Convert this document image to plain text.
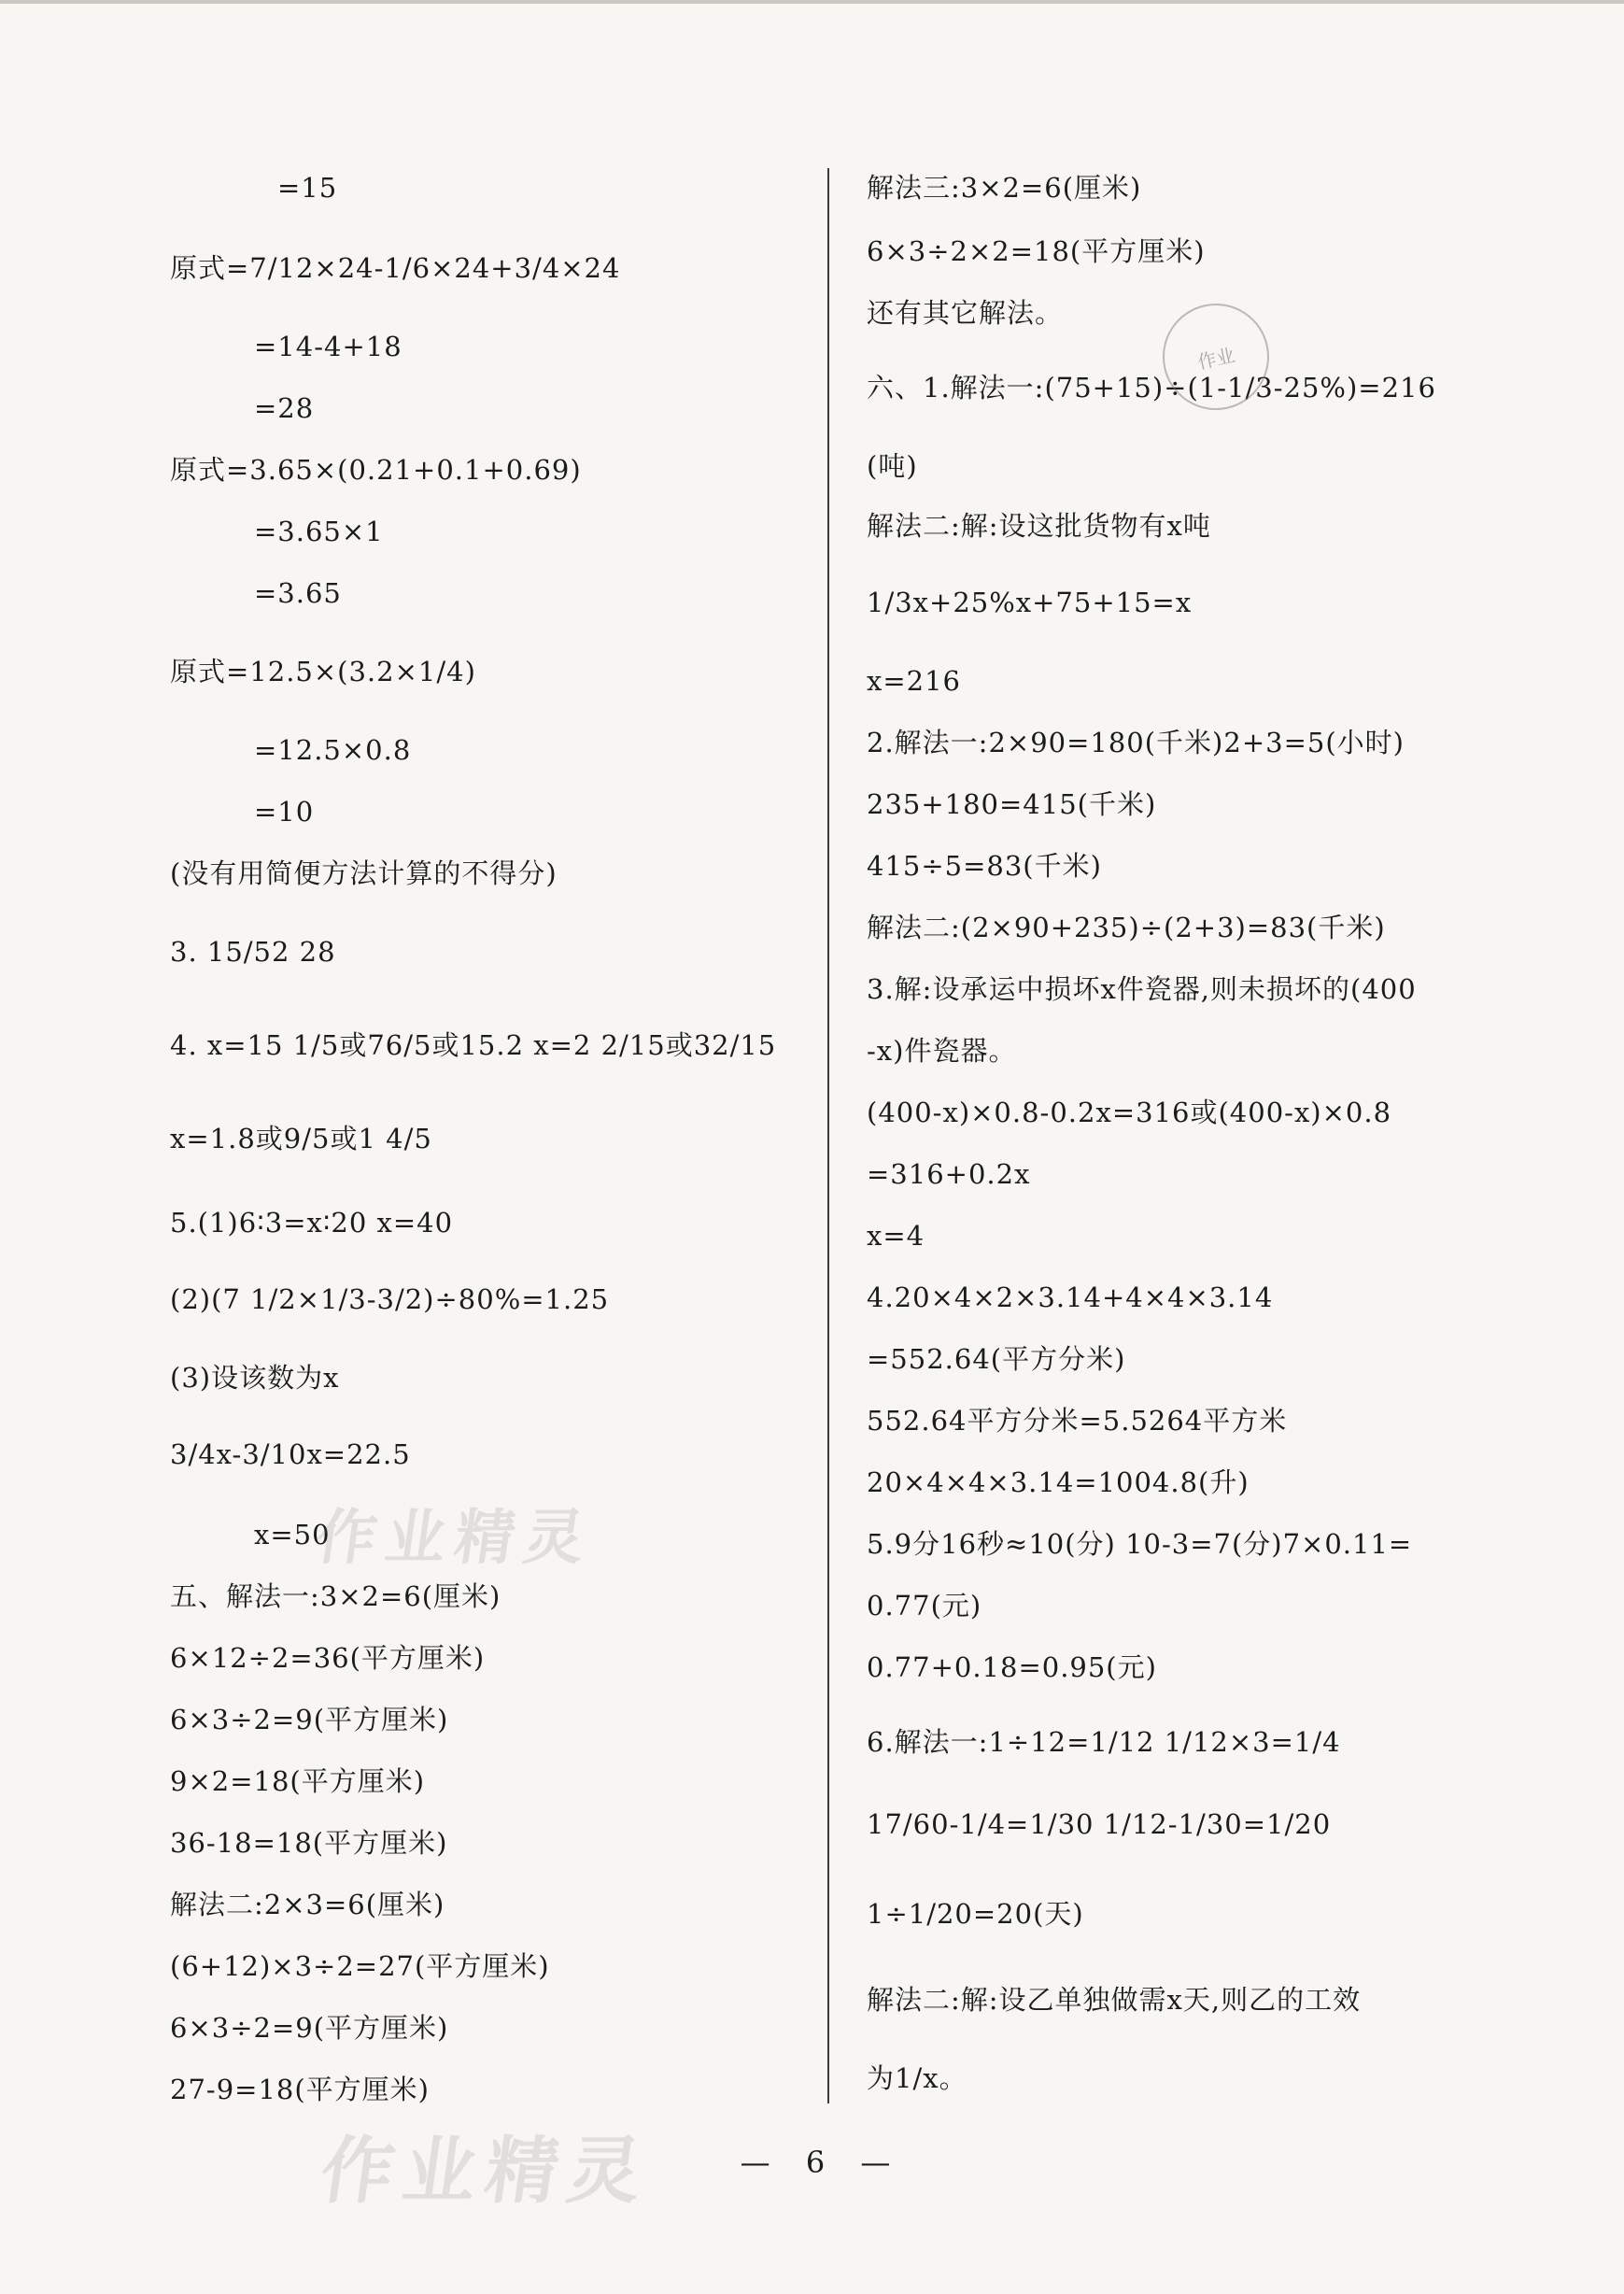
=15
原式=7/12×24-1/6×24+3/4×24
=14-4+18
=28
原式=3.65×(0.21+0.1+0.69)
=3.65×1
=3.65
原式=12.5×(3.2×1/4)
=12.5×0.8
=10
(没有用简便方法计算的不得分)
3. 15/52 28
4. x=15 1/5或76/5或15.2 x=2 2/15或32/15
x=1.8或9/5或1 4/5
5.(1)6∶3=x∶20 x=40
(2)(7 1/2×1/3-3/2)÷80%=1.25
(3)设该数为x
3/4x-3/10x=22.5
x=50
五、解法一:3×2=6(厘米)
6×12÷2=36(平方厘米)
6×3÷2=9(平方厘米)
9×2=18(平方厘米)
36-18=18(平方厘米)
解法二:2×3=6(厘米)
(6+12)×3÷2=27(平方厘米)
6×3÷2=9(平方厘米)
27-9=18(平方厘米)
解法三:3×2=6(厘米)
6×3÷2×2=18(平方厘米)
还有其它解法。
六、1.解法一:(75+15)÷(1-1/3-25%)=216
(吨)
解法二:解:设这批货物有x吨
1/3x+25%x+75+15=x
x=216
2.解法一:2×90=180(千米)2+3=5(小时)
235+180=415(千米)
415÷5=83(千米)
解法二:(2×90+235)÷(2+3)=83(千米)
3.解:设承运中损坏x件瓷器,则未损坏的(400
-x)件瓷器。
(400-x)×0.8-0.2x=316或(400-x)×0.8
=316+0.2x
x=4
4.20×4×2×3.14+4×4×3.14
=552.64(平方分米)
552.64平方分米=5.5264平方米
20×4×4×3.14=1004.8(升)
5.9分16秒≈10(分) 10-3=7(分)7×0.11=
0.77(元)
0.77+0.18=0.95(元)
6.解法一:1÷12=1/12 1/12×3=1/4
17/60-1/4=1/30 1/12-1/30=1/20
1÷1/20=20(天)
解法二:解:设乙单独做需x天,则乙的工效
为1/x。
作业
作业精灵
作业精灵	— 6 —
